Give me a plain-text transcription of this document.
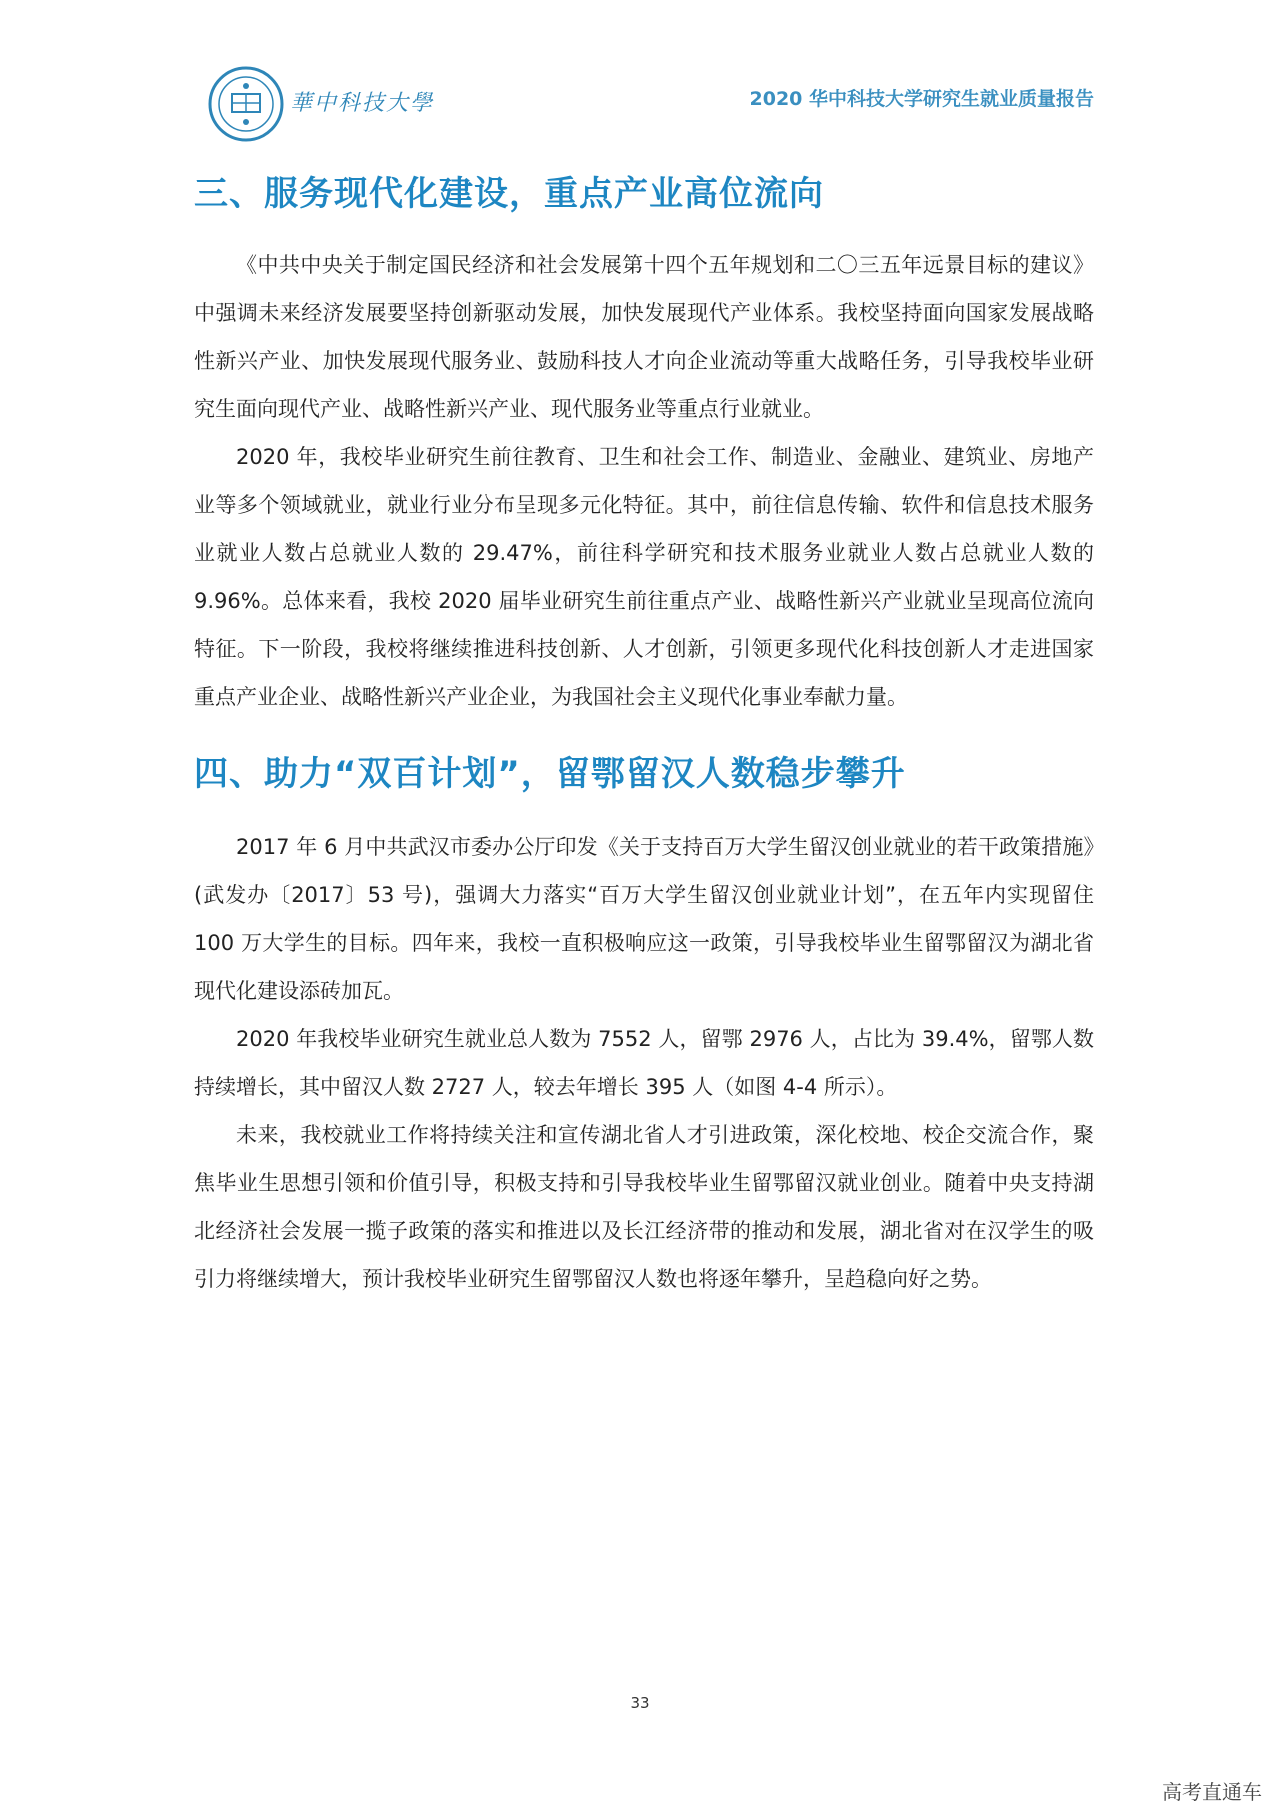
華中科技大學	2020 华中科技大学研究生就业质量报告
三、服务现代化建设，重点产业高位流向

《中共中央关于制定国民经济和社会发展第十四个五年规划和二〇三五年远景目标的建议》中强调未来经济发展要坚持创新驱动发展，加快发展现代产业体系。我校坚持面向国家发展战略性新兴产业、加快发展现代服务业、鼓励科技人才向企业流动等重大战略任务，引导我校毕业研究生面向现代产业、战略性新兴产业、现代服务业等重点行业就业。

2020 年，我校毕业研究生前往教育、卫生和社会工作、制造业、金融业、建筑业、房地产业等多个领域就业，就业行业分布呈现多元化特征。其中，前往信息传输、软件和信息技术服务业就业人数占总就业人数的 29.47%，前往科学研究和技术服务业就业人数占总就业人数的 9.96%。总体来看，我校 2020 届毕业研究生前往重点产业、战略性新兴产业就业呈现高位流向特征。下一阶段，我校将继续推进科技创新、人才创新，引领更多现代化科技创新人才走进国家重点产业企业、战略性新兴产业企业，为我国社会主义现代化事业奉献力量。

四、助力“双百计划”，留鄂留汉人数稳步攀升

2017 年 6 月中共武汉市委办公厅印发《关于支持百万大学生留汉创业就业的若干政策措施》(武发办〔2017〕53 号)，强调大力落实“百万大学生留汉创业就业计划”，在五年内实现留住 100 万大学生的目标。四年来，我校一直积极响应这一政策，引导我校毕业生留鄂留汉为湖北省现代化建设添砖加瓦。

2020 年我校毕业研究生就业总人数为 7552 人，留鄂 2976 人，占比为 39.4%，留鄂人数持续增长，其中留汉人数 2727 人，较去年增长 395 人（如图 4-4 所示）。

未来，我校就业工作将持续关注和宣传湖北省人才引进政策，深化校地、校企交流合作，聚焦毕业生思想引领和价值引导，积极支持和引导我校毕业生留鄂留汉就业创业。随着中央支持湖北经济社会发展一揽子政策的落实和推进以及长江经济带的推动和发展，湖北省对在汉学生的吸引力将继续增大，预计我校毕业研究生留鄂留汉人数也将逐年攀升，呈趋稳向好之势。

33
高考直通车
